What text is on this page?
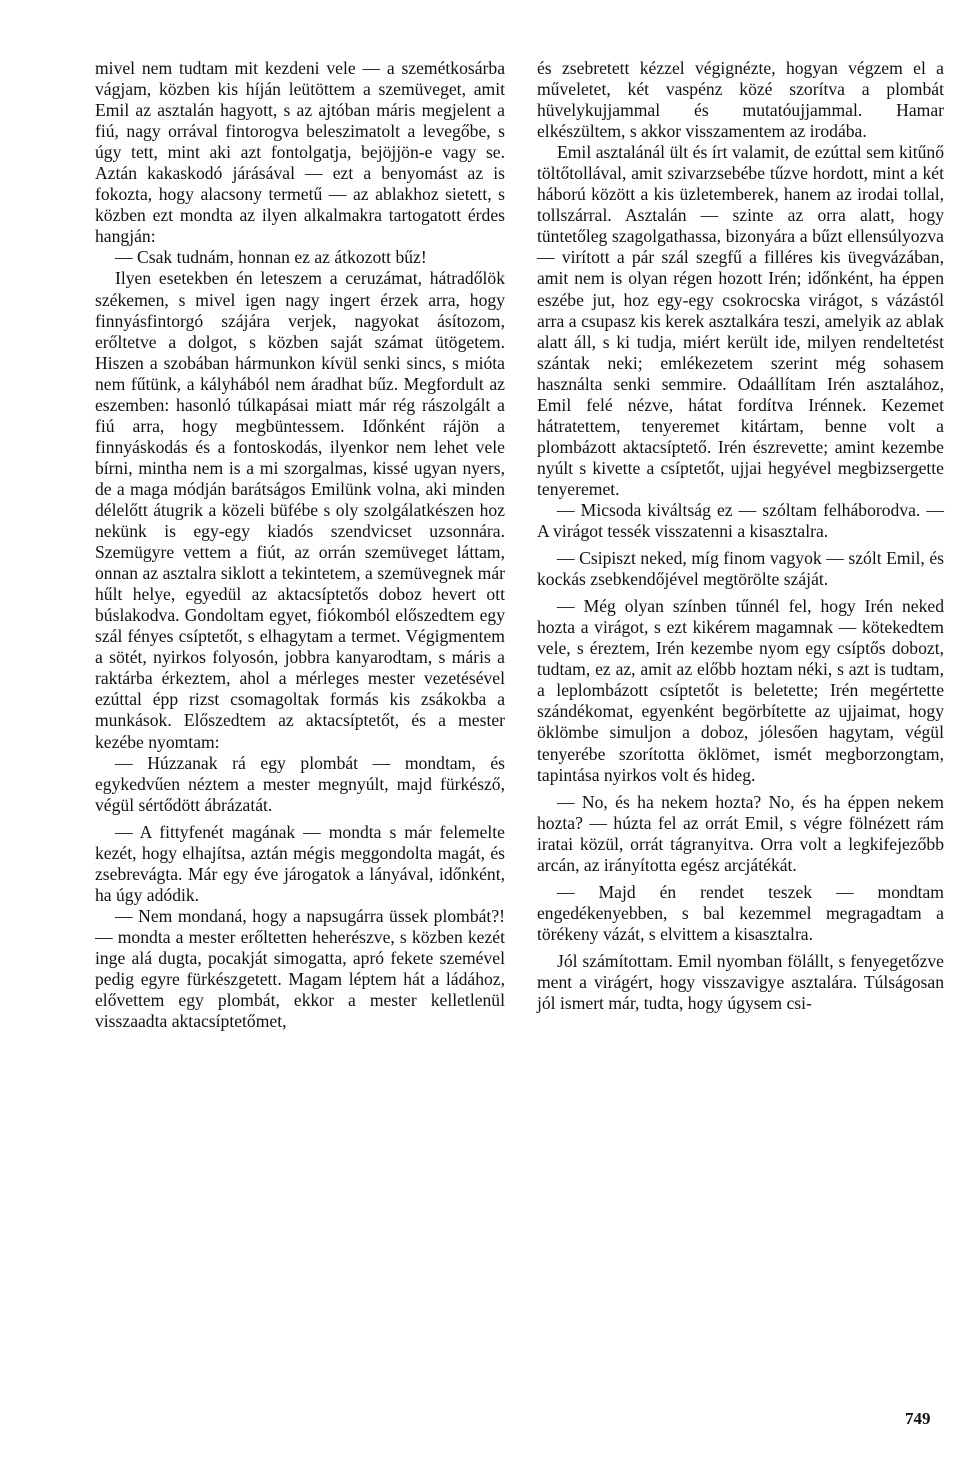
mivel nem tudtam mit kezdeni vele — a szemétkosárba vágjam, közben kis híján leütöttem a szemüveget, amit Emil az asztalán hagyott, s az ajtóban máris megjelent a fiú, nagy orrával fintorogva beleszimatolt a levegőbe, s úgy tett, mint aki azt fontolgatja, bejöjjön-e vagy se. Aztán kakaskodó járásával — ezt a benyomást az is fokozta, hogy alacsony termetű — az ablakhoz sietett, s közben ezt mondta az ilyen alkalmakra tartogatott érdes hangján:

— Csak tudnám, honnan ez az átkozott bűz!

Ilyen esetekben én leteszem a ceruzámat, hátradőlök székemen, s mivel igen nagy ingert érzek arra, hogy finnyásfintorgó szájára verjek, nagyokat ásítozom, erőltetve a dolgot, s közben saját számat ütögetem. Hiszen a szobában hármunkon kívül senki sincs, s mióta nem fűtünk, a kályhából nem áradhat bűz. Megfordult az eszemben: hasonló túlkapásai miatt már rég rászolgált a fiú arra, hogy megbüntessem. Időnként rájön a finnyáskodás és a fontoskodás, ilyenkor nem lehet vele bírni, mintha nem is a mi szorgalmas, kissé ugyan nyers, de a maga módján barátságos Emilünk volna, aki minden délelőtt átugrik a közeli büfébe s oly szolgálatkészen hoz nekünk is egy-egy kiadós szendvicset uzsonnára. Szemügyre vettem a fiút, az orrán szemüveget láttam, onnan az asztalra siklott a tekintetem, a szemüvegnek már hűlt helye, egyedül az aktacsíptetős doboz hevert ott búslakodva. Gondoltam egyet, fiókomból előszedtem egy szál fényes csíptetőt, s elhagytam a termet. Végigmentem a sötét, nyirkos folyosón, jobbra kanyarodtam, s máris a raktárba érkeztem, ahol a mérleges mester vezetésével ezúttal épp rizst csomagoltak formás kis zsákokba a munkások. Előszedtem az aktacsíptetőt, és a mester kezébe nyomtam:

— Húzzanak rá egy plombát — mondtam, és egykedvűen néztem a mester megnyúlt, majd fürkésző, végül sértődött ábrázatát.

— A fittyfenét magának — mondta s már felemelte kezét, hogy elhajítsa, aztán mégis meggondolta magát, és zsebrevágta. Már egy éve járogatok a lányával, időnként, ha úgy adódik.

— Nem mondaná, hogy a napsugárra üssek plombát?! — mondta a mester erőltetten heherészve, s közben kezét inge alá dugta, pocakját simogatta, apró fekete szemével pedig egyre fürkészgetett. Magam léptem hát a ládához, elővettem egy plombát, ekkor a mester kelletlenül visszaadta aktacsíptetőmet,

és zsebretett kézzel végignézte, hogyan végzem el a műveletet, két vaspénz közé szorítva a plombát hüvelykujjammal és mutatóujjammal. Hamar elkészültem, s akkor visszamentem az irodába.

Emil asztalánál ült és írt valamit, de ezúttal sem kitűnő töltőtollával, amit szivarzsebébe tűzve hordott, mint a két háború között a kis üzletemberek, hanem az irodai tollal, tollszárral. Asztalán — szinte az orra alatt, hogy tüntetőleg szagolgathassa, bizonyára a bűzt ellensúlyozva — virított a pár szál szegfű a filléres kis üvegvázában, amit nem is olyan régen hozott Irén; időnként, ha éppen eszébe jut, hoz egy-egy csokrocska virágot, s vázástól arra a csupasz kis kerek asztalkára teszi, amelyik az ablak alatt áll, s ki tudja, miért került ide, milyen rendeltetést szántak neki; emlékezetem szerint még sohasem használta senki semmire. Odaállítam Irén asztalához, Emil felé nézve, hátat fordítva Irénnek. Kezemet hátratettem, tenyeremet kitártam, benne volt a plombázott aktacsíptető. Irén észrevette; amint kezembe nyúlt s kivette a csíptetőt, ujjai hegyével megbizsergette tenyeremet.

— Micsoda kiváltság ez — szóltam felháborodva. — A virágot tessék visszatenni a kisasztalra.

— Csipiszt neked, míg finom vagyok — szólt Emil, és kockás zsebkendőjével megtörölte száját.

— Még olyan színben tűnnél fel, hogy Irén neked hozta a virágot, s ezt kikérem magamnak — kötekedtem vele, s éreztem, Irén kezembe nyom egy csíptős dobozt, tudtam, ez az, amit az előbb hoztam néki, s azt is tudtam, a leplombázott csíptetőt is beletette; Irén megértette szándékomat, egyenként begörbítette az ujjaimat, hogy öklömbe simuljon a doboz, jólesően hagytam, végül tenyerébe szorította öklömet, ismét megborzongtam, tapintása nyirkos volt és hideg.

— No, és ha nekem hozta? No, és ha éppen nekem hozta? — húzta fel az orrát Emil, s végre fölnézett rám iratai közül, orrát tágranyitva. Orra volt a legkifejezőbb arcán, az irányította egész arcjátékát.

— Majd én rendet teszek — mondtam engedékenyebben, s bal kezemmel megragadtam a törékeny vázát, s elvittem a kisasztalra.

Jól számítottam. Emil nyomban fölállt, s fenyegetőzve ment a virágért, hogy visszavigye asztalára. Túlságosan jól ismert már, tudta, hogy úgysem csi-

749
